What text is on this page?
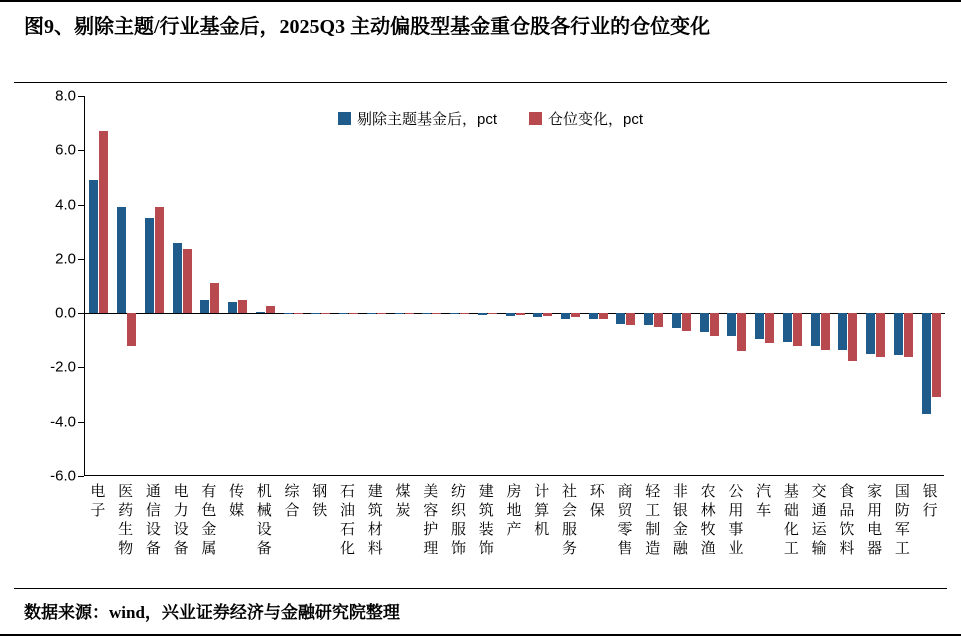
图9、剔除主题/行业基金后，2025Q3 主动偏股型基金重仓股各行业的仓位变化
剔除主题基金后，pct	仓位变化，pct
8.0
6.0
4.0
2.0
0.0
-2.0
-4.0
-6.0
电子
医药生物
通信设备
电力设备
有色金属
传媒
机械设备
综合
钢铁
石油石化
建筑材料
煤炭
美容护理
纺织服饰
建筑装饰
房地产
计算机
社会服务
环保
商贸零售
轻工制造
非银金融
农林牧渔
公用事业
汽车
基础化工
交通运输
食品饮料
家用电器
国防军工
银行
数据来源：wind，兴业证券经济与金融研究院整理
